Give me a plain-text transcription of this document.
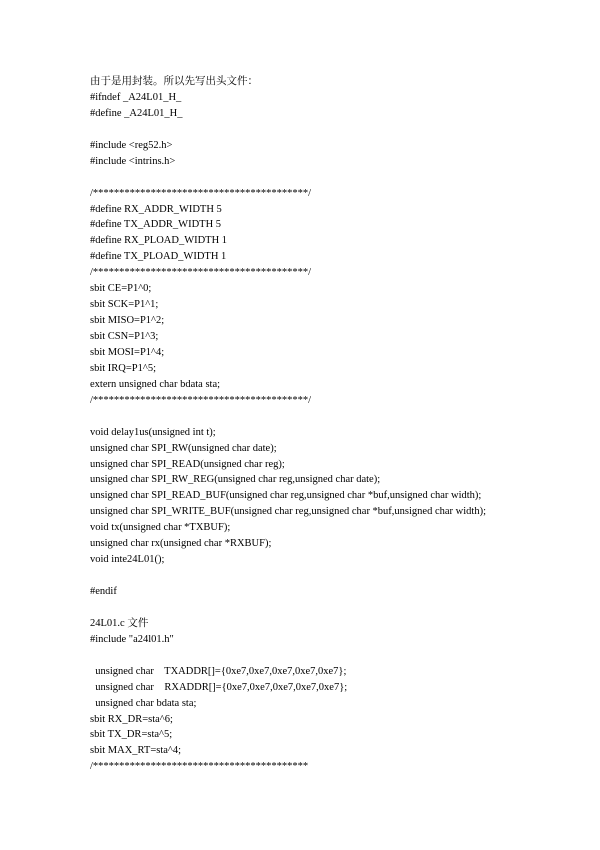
由于是用封装。所以先写出头文件：
#ifndef _A24L01_H_
#define _A24L01_H_
#include <reg52.h>
#include <intrins.h>
/*****************************************/
#define RX_ADDR_WIDTH 5
#define TX_ADDR_WIDTH 5
#define RX_PLOAD_WIDTH 1
#define TX_PLOAD_WIDTH 1
/*****************************************/
sbit CE=P1^0;
sbit SCK=P1^1;
sbit MISO=P1^2;
sbit CSN=P1^3;
sbit MOSI=P1^4;
sbit IRQ=P1^5;
extern unsigned char bdata sta;
/*****************************************/
void delay1us(unsigned int t);
unsigned char SPI_RW(unsigned char date);
unsigned char SPI_READ(unsigned char reg);
unsigned char SPI_RW_REG(unsigned char reg,unsigned char date);
unsigned char SPI_READ_BUF(unsigned char reg,unsigned char *buf,unsigned char width);
unsigned char SPI_WRITE_BUF(unsigned char reg,unsigned char *buf,unsigned char width);
void tx(unsigned char *TXBUF);
unsigned char rx(unsigned char *RXBUF);
void inte24L01();
#endif
24L01.c 文件
#include "a24l01.h"
unsigned char    TXADDR[]={0xe7,0xe7,0xe7,0xe7,0xe7};
unsigned char    RXADDR[]={0xe7,0xe7,0xe7,0xe7,0xe7};
unsigned char bdata sta;
sbit RX_DR=sta^6;
sbit TX_DR=sta^5;
sbit MAX_RT=sta^4;
/*****************************************
